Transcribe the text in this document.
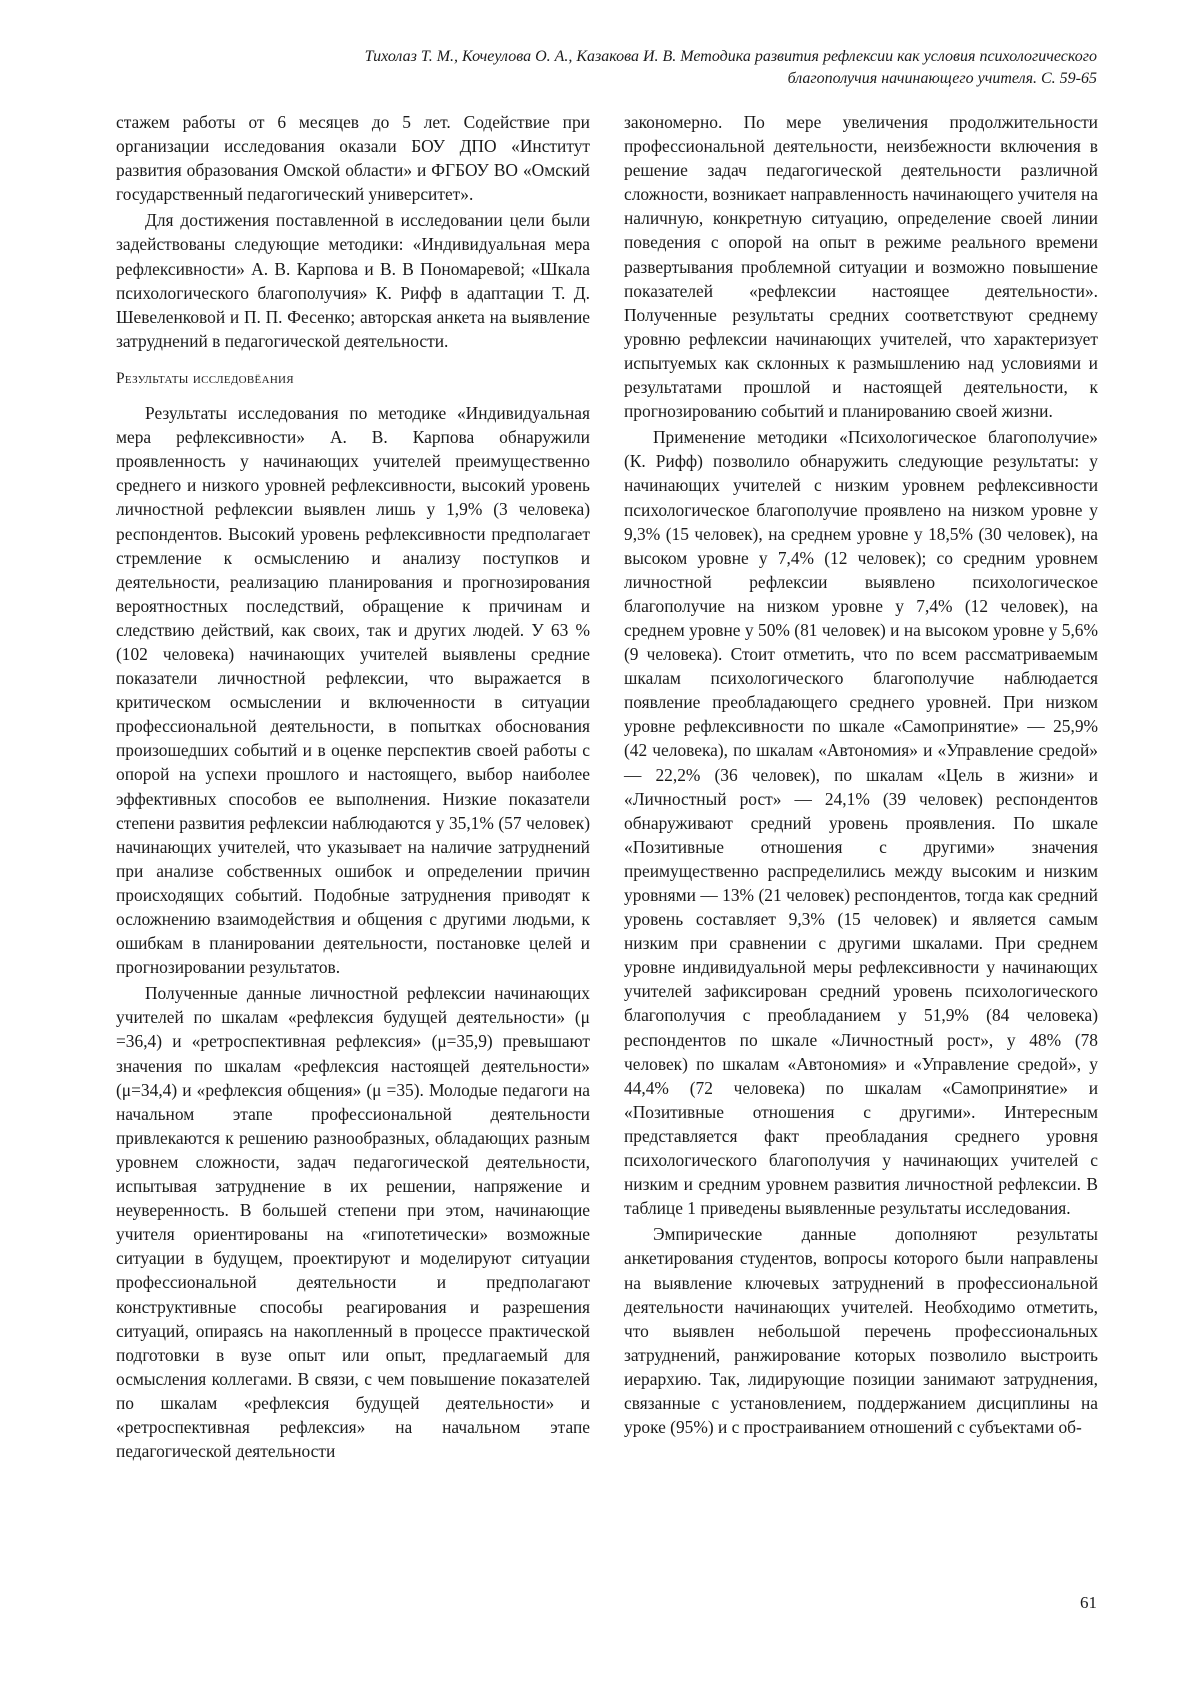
Тихолаз Т. М., Кочеулова О. А., Казакова И. В. Методика развития рефлексии как условия психологического
благополучия начинающего учителя. С. 59-65

стажем работы от 6 месяцев до 5 лет. Содействие при организации исследования оказали БОУ ДПО «Институт развития образования Омской области» и ФГБОУ ВО «Омский государственный педагогический университет».

Для достижения поставленной в исследовании цели были задействованы следующие методики: «Индивидуальная мера рефлексивности» А. В. Карпова и В. В Пономаревой; «Шкала психологического благополучия» К. Рифф в адаптации Т. Д. Шевеленковой и П. П. Фесенко; авторская анкета на выявление затруднений в педагогической деятельности.

Результаты исследовёания

Результаты исследования по методике «Индивидуальная мера рефлексивности» А. В. Карпова обнаружили проявленность у начинающих учителей преимущественно среднего и низкого уровней рефлексивности, высокий уровень личностной рефлексии выявлен лишь у 1,9% (3 человека) респондентов. Высокий уровень рефлексивности предполагает стремление к осмыслению и анализу поступков и деятельности, реализацию планирования и прогнозирования вероятностных последствий, обращение к причинам и следствию действий, как своих, так и других людей. У 63 % (102 человека) начинающих учителей выявлены средние показатели личностной рефлексии, что выражается в критическом осмыслении и включенности в ситуации профессиональной деятельности, в попытках обоснования произошедших событий и в оценке перспектив своей работы с опорой на успехи прошлого и настоящего, выбор наиболее эффективных способов ее выполнения. Низкие показатели степени развития рефлексии наблюдаются у 35,1% (57 человек) начинающих учителей, что указывает на наличие затруднений при анализе собственных ошибок и определении причин происходящих событий. Подобные затруднения приводят к осложнению взаимодействия и общения с другими людьми, к ошибкам в планировании деятельности, постановке целей и прогнозировании результатов.

Полученные данные личностной рефлексии начинающих учителей по шкалам «рефлексия будущей деятельности» (μ =36,4) и «ретроспективная рефлексия» (μ=35,9) превышают значения по шкалам «рефлексия настоящей деятельности» (μ=34,4) и «рефлексия общения» (μ =35). Молодые педагоги на начальном этапе профессиональной деятельности привлекаются к решению разнообразных, обладающих разным уровнем сложности, задач педагогической деятельности, испытывая затруднение в их решении, напряжение и неуверенность. В большей степени при этом, начинающие учителя ориентированы на «гипотетически» возможные ситуации в будущем, проектируют и моделируют ситуации профессиональной деятельности и предполагают конструктивные способы реагирования и разрешения ситуаций, опираясь на накопленный в процессе практической подготовки в вузе опыт или опыт, предлагаемый для осмысления коллегами. В связи, с чем повышение показателей по шкалам «рефлексия будущей деятельности» и «ретроспективная рефлексия» на начальном этапе педагогической деятельности

закономерно. По мере увеличения продолжительности профессиональной деятельности, неизбежности включения в решение задач педагогической деятельности различной сложности, возникает направленность начинающего учителя на наличную, конкретную ситуацию, определение своей линии поведения с опорой на опыт в режиме реального времени развертывания проблемной ситуации и возможно повышение показателей «рефлексии настоящее деятельности». Полученные результаты средних соответствуют среднему уровню рефлексии начинающих учителей, что характеризует испытуемых как склонных к размышлению над условиями и результатами прошлой и настоящей деятельности, к прогнозированию событий и планированию своей жизни.

Применение методики «Психологическое благополучие» (К. Рифф) позволило обнаружить следующие результаты: у начинающих учителей с низким уровнем рефлексивности психологическое благополучие проявлено на низком уровне у 9,3% (15 человек), на среднем уровне у 18,5% (30 человек), на высоком уровне у 7,4% (12 человек); со средним уровнем личностной рефлексии выявлено психологическое благополучие на низком уровне у 7,4% (12 человек), на среднем уровне у 50% (81 человек) и на высоком уровне у 5,6% (9 человека). Стоит отметить, что по всем рассматриваемым шкалам психологического благополучие наблюдается появление преобладающего среднего уровней. При низком уровне рефлексивности по шкале «Самопринятие» — 25,9% (42 человека), по шкалам «Автономия» и «Управление средой» — 22,2% (36 человек), по шкалам «Цель в жизни» и «Личностный рост» — 24,1% (39 человек) респондентов обнаруживают средний уровень проявления. По шкале «Позитивные отношения с другими» значения преимущественно распределились между высоким и низким уровнями — 13% (21 человек) респондентов, тогда как средний уровень составляет 9,3% (15 человек) и является самым низким при сравнении с другими шкалами. При среднем уровне индивидуальной меры рефлексивности у начинающих учителей зафиксирован средний уровень психологического благополучия с преобладанием у 51,9% (84 человека) респондентов по шкале «Личностный рост», у 48% (78 человек) по шкалам «Автономия» и «Управление средой», у 44,4% (72 человека) по шкалам «Самопринятие» и «Позитивные отношения с другими». Интересным представляется факт преобладания среднего уровня психологического благополучия у начинающих учителей с низким и средним уровнем развития личностной рефлексии. В таблице 1 приведены выявленные результаты исследования.

Эмпирические данные дополняют результаты анкетирования студентов, вопросы которого были направлены на выявление ключевых затруднений в профессиональной деятельности начинающих учителей. Необходимо отметить, что выявлен небольшой перечень профессиональных затруднений, ранжирование которых позволило выстроить иерархию. Так, лидирующие позиции занимают затруднения, связанные с установлением, поддержанием дисциплины на уроке (95%) и с простраиванием отношений с субъектами об-

61
